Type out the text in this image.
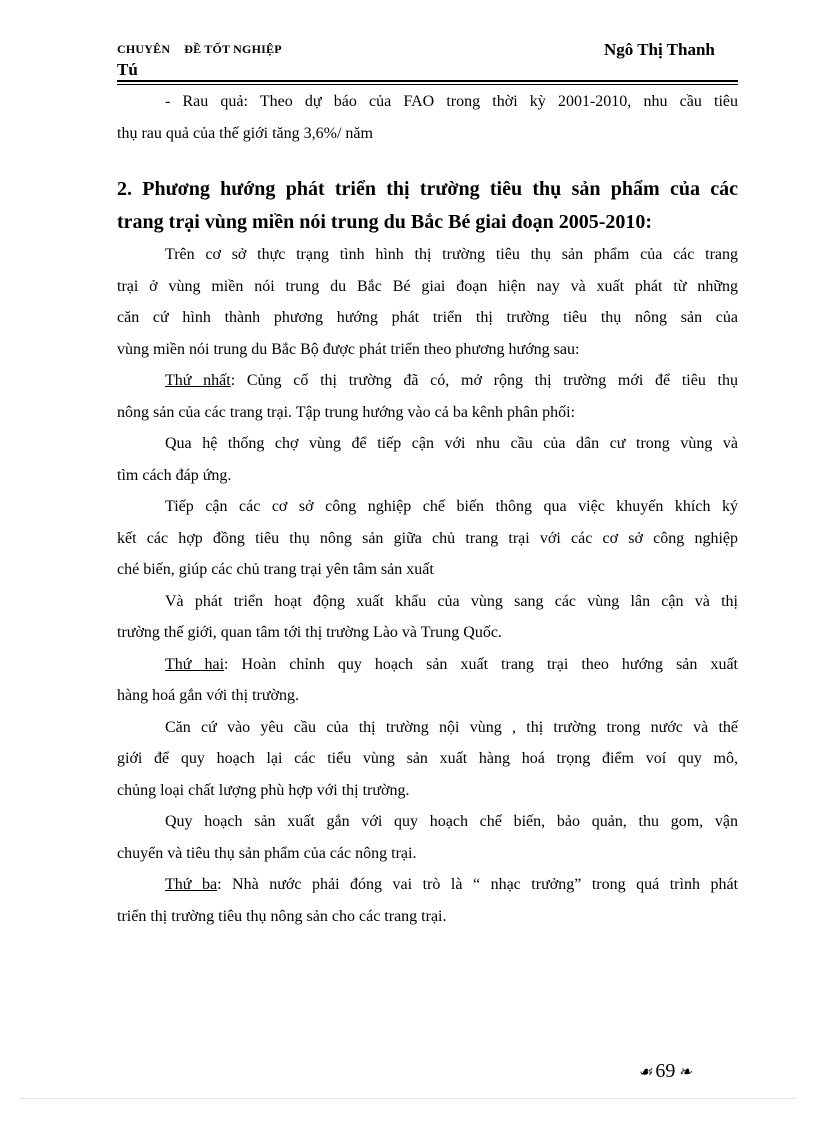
CHUYÊN ĐỀ TỐT NGHIỆP	Ngô Thị Thanh
Tú
- Rau quả: Theo dự báo của FAO trong thời kỳ 2001-2010, nhu cầu tiêu
thụ rau quả của thế giới tăng 3,6%/ năm
2. Phương hướng phát triển thị trường tiêu thụ sản phẩm của các
trang trại vùng miền nói trung du Bắc Bé giai đoạn 2005-2010:
Trên cơ sở thực trạng tình hình thị trường tiêu thụ sản phẩm của các trang
trại ở vùng miền nói trung du Bắc Bé giai đoạn hiện nay và xuất phát từ những
căn cứ hình thành phương hướng phát triển thị trường tiêu thụ nông sản của
vùng miền nói trung du Bắc Bộ được phát triển theo phương hướng sau:
Thứ nhất: Củng cố thị trường đã có, mở rộng thị trường mới để tiêu thụ
nông sản của các trang trại. Tập trung hướng vào cả ba kênh phân phối:
Qua hệ thống chợ vùng để tiếp cận với nhu cầu của dân cư trong vùng và
tìm cách đáp ứng.
Tiếp cận các cơ sở công nghiệp chế biến thông qua việc khuyến khích ký
kết các hợp đồng tiêu thụ nông sản giữa chủ trang trại với các cơ sở công nghiệp
ché biến, giúp các chủ trang trại yên tâm sản xuất
Và phát triển hoạt động xuất khẩu của vùng sang các vùng lân cận và thị
trường thế giới, quan tâm tới thị trường Lào và Trung Quốc.
Thứ hai: Hoàn chỉnh quy hoạch sản xuất trang trại theo hướng sản xuất
hàng hoá gắn với thị trường.
Căn cứ vào yêu cầu của thị trường nội vùng , thị trường trong nước và thế
giới để quy hoạch lại các tiểu vùng sản xuất hàng hoá trọng điểm voí quy mô,
chủng loại chất lượng phù hợp với thị trường.
Quy hoạch sản xuất gắn với quy hoạch chế biến, bảo quản, thu gom, vận
chuyển và tiêu thụ sản phẩm của các nông trại.
Thứ ba: Nhà nước phải đóng vai trò là “ nhạc trưởng” trong quá trình phát
triển thị trường tiêu thụ nông sản cho các trang trại.
☙ 69 ❧
